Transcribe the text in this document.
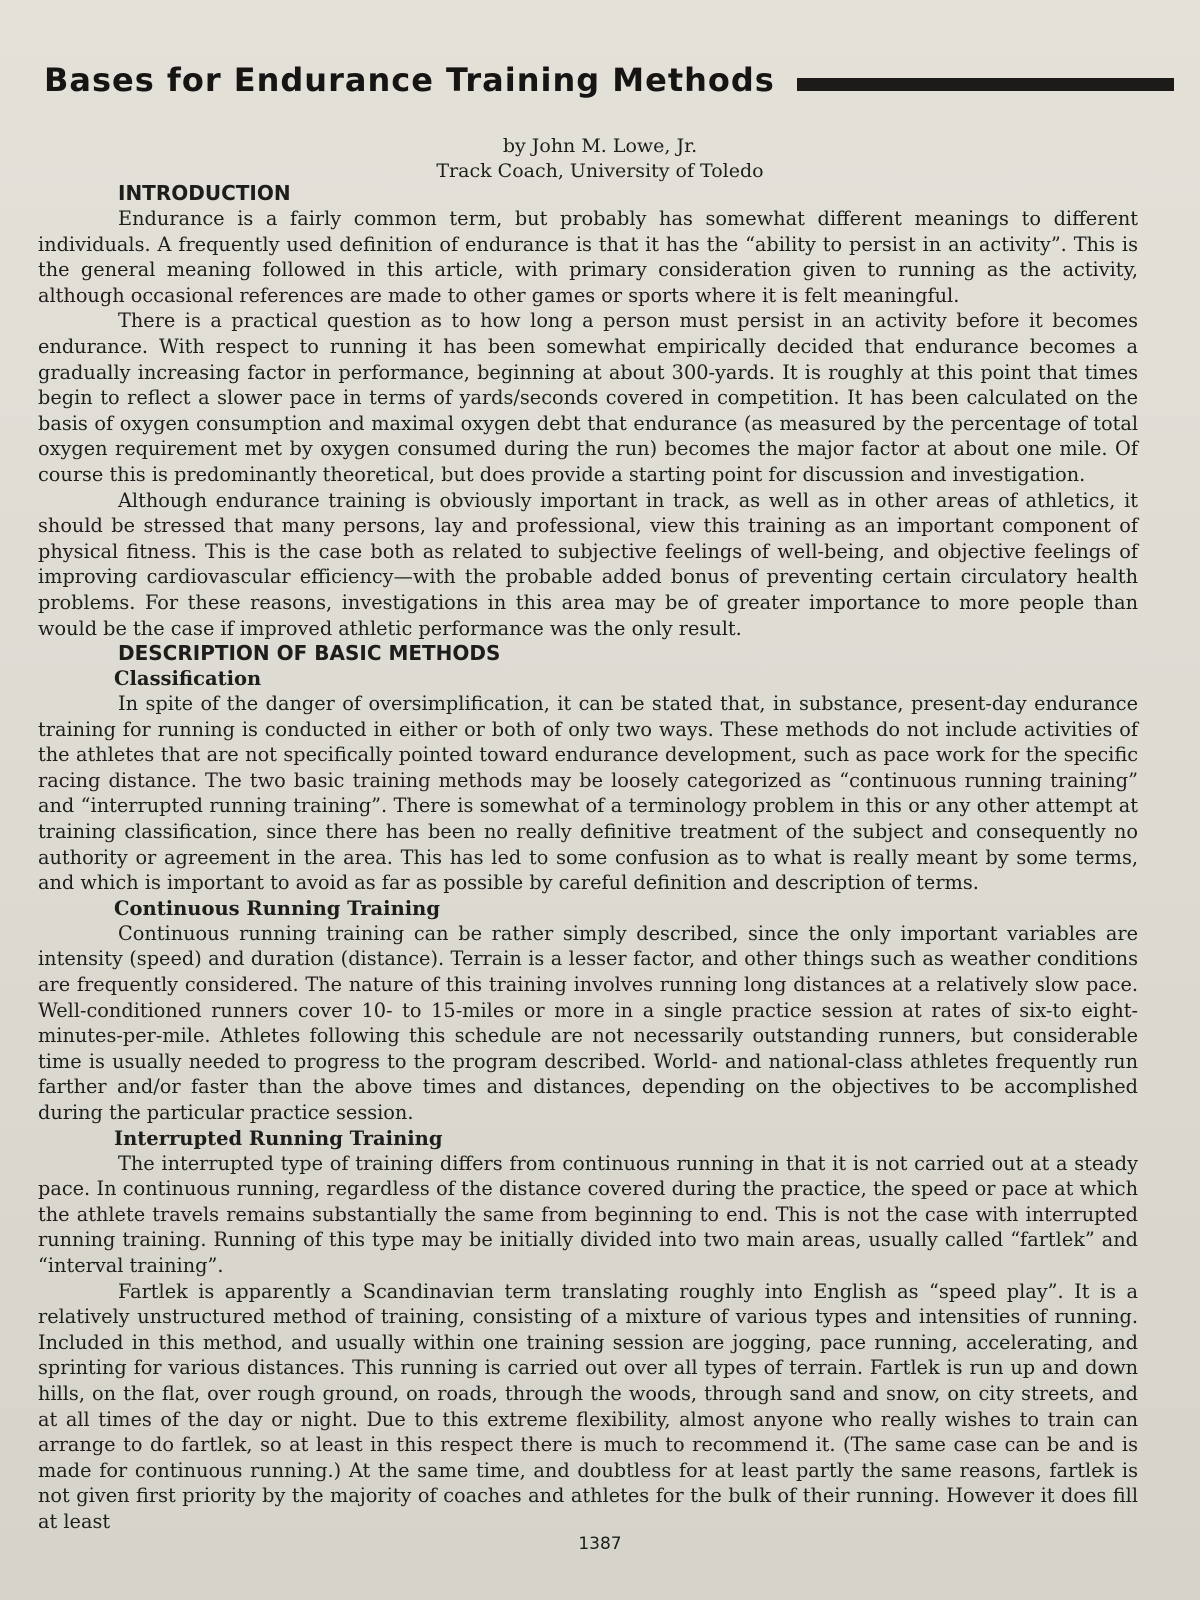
Bases for Endurance Training Methods
by John M. Lowe, Jr.
Track Coach, University of Toledo
INTRODUCTION

Endurance is a fairly common term, but probably has somewhat different meanings to different individuals. A frequently used definition of endurance is that it has the “ability to persist in an activity”. This is the general meaning followed in this article, with primary consideration given to running as the activity, although occasional references are made to other games or sports where it is felt meaningful.

There is a practical question as to how long a person must persist in an activity before it becomes endurance. With respect to running it has been somewhat empirically decided that endurance becomes a gradually increasing factor in performance, beginning at about 300-yards. It is roughly at this point that times begin to reflect a slower pace in terms of yards/seconds covered in competition. It has been calculated on the basis of oxygen consumption and maximal oxygen debt that endurance (as measured by the percentage of total oxygen requirement met by oxygen consumed during the run) becomes the major factor at about one mile. Of course this is predominantly theoretical, but does provide a starting point for discussion and investigation.

Although endurance training is obviously important in track, as well as in other areas of athletics, it should be stressed that many persons, lay and professional, view this training as an important component of physical fitness. This is the case both as related to subjective feelings of well-being, and objective feelings of improving cardiovascular efficiency—with the probable added bonus of preventing certain circulatory health problems. For these reasons, investigations in this area may be of greater importance to more people than would be the case if improved athletic performance was the only result.

DESCRIPTION OF BASIC METHODS
Classification

In spite of the danger of oversimplification, it can be stated that, in substance, present-day endurance training for running is conducted in either or both of only two ways. These methods do not include activities of the athletes that are not specifically pointed toward endurance development, such as pace work for the specific racing distance. The two basic training methods may be loosely categorized as “continuous running training” and “interrupted running training”. There is somewhat of a terminology problem in this or any other attempt at training classification, since there has been no really definitive treatment of the subject and consequently no authority or agreement in the area. This has led to some confusion as to what is really meant by some terms, and which is important to avoid as far as possible by careful definition and description of terms.

Continuous Running Training

Continuous running training can be rather simply described, since the only important variables are intensity (speed) and duration (distance). Terrain is a lesser factor, and other things such as weather conditions are frequently considered. The nature of this training involves running long distances at a relatively slow pace. Well-conditioned runners cover 10- to 15-miles or more in a single practice session at rates of six-to eight-minutes-per-mile. Athletes following this schedule are not necessarily outstanding runners, but considerable time is usually needed to progress to the program described. World- and national-class athletes frequently run farther and/or faster than the above times and distances, depending on the objectives to be accomplished during the particular practice session.

Interrupted Running Training

The interrupted type of training differs from continuous running in that it is not carried out at a steady pace. In continuous running, regardless of the distance covered during the practice, the speed or pace at which the athlete travels remains substantially the same from beginning to end. This is not the case with interrupted running training. Running of this type may be initially divided into two main areas, usually called “fartlek” and “interval training”.

Fartlek is apparently a Scandinavian term translating roughly into English as “speed play”. It is a relatively unstructured method of training, consisting of a mixture of various types and intensities of running. Included in this method, and usually within one training session are jogging, pace running, accelerating, and sprinting for various distances. This running is carried out over all types of terrain. Fartlek is run up and down hills, on the flat, over rough ground, on roads, through the woods, through sand and snow, on city streets, and at all times of the day or night. Due to this extreme flexibility, almost anyone who really wishes to train can arrange to do fartlek, so at least in this respect there is much to recommend it. (The same case can be and is made for continuous running.) At the same time, and doubtless for at least partly the same reasons, fartlek is not given first priority by the majority of coaches and athletes for the bulk of their running. However it does fill at least

1387
